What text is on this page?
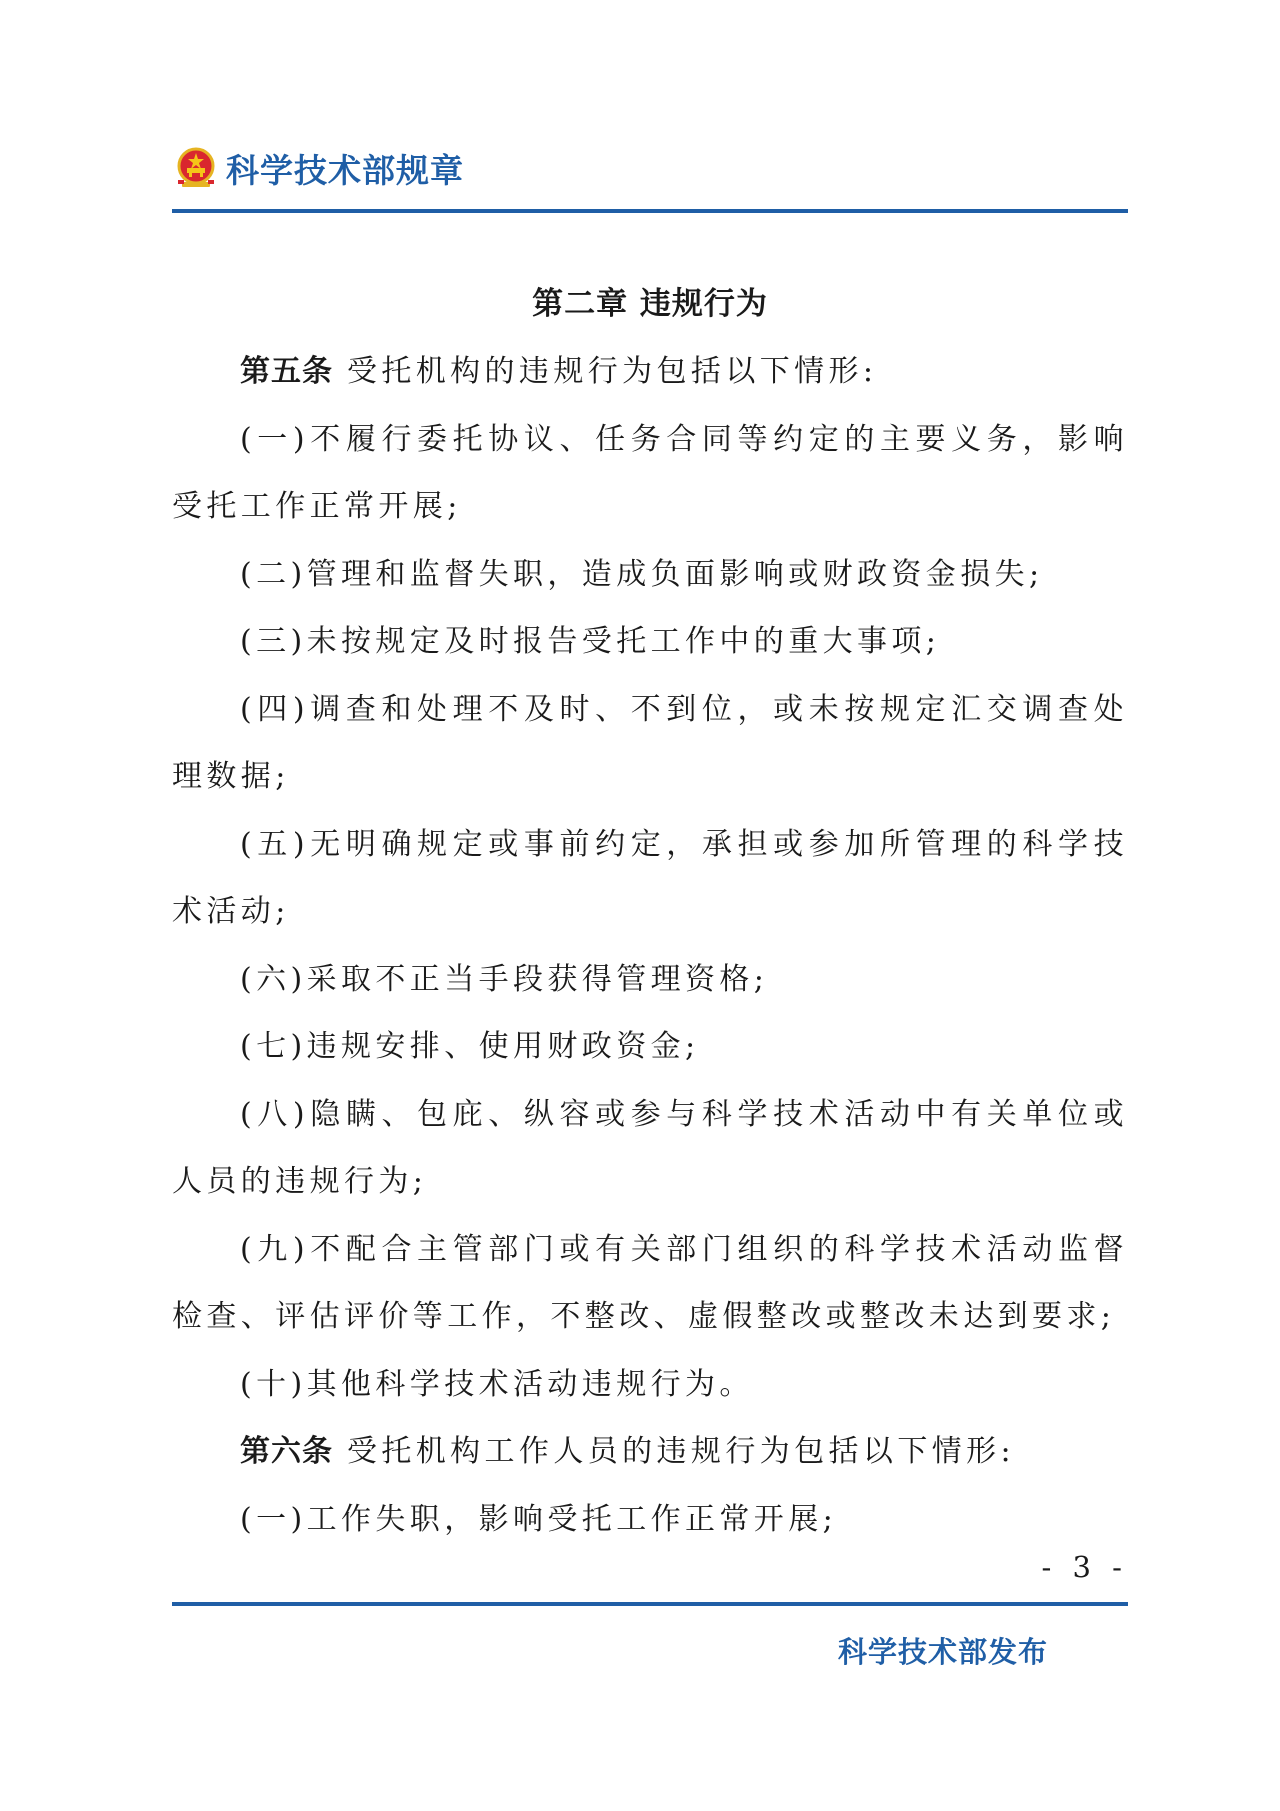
科学技术部规章
第二章 违规行为

第五条 受托机构的违规行为包括以下情形:

(一)不履行委托协议、任务合同等约定的主要义务，影响受托工作正常开展;

(二)管理和监督失职，造成负面影响或财政资金损失;

(三)未按规定及时报告受托工作中的重大事项;

(四)调查和处理不及时、不到位，或未按规定汇交调查处理数据;

(五)无明确规定或事前约定，承担或参加所管理的科学技术活动;

(六)采取不正当手段获得管理资格;

(七)违规安排、使用财政资金;

(八)隐瞒、包庇、纵容或参与科学技术活动中有关单位或人员的违规行为;

(九)不配合主管部门或有关部门组织的科学技术活动监督检查、评估评价等工作，不整改、虚假整改或整改未达到要求;

(十)其他科学技术活动违规行为。

第六条 受托机构工作人员的违规行为包括以下情形:

(一)工作失职，影响受托工作正常开展;

- 3 -
科学技术部发布
